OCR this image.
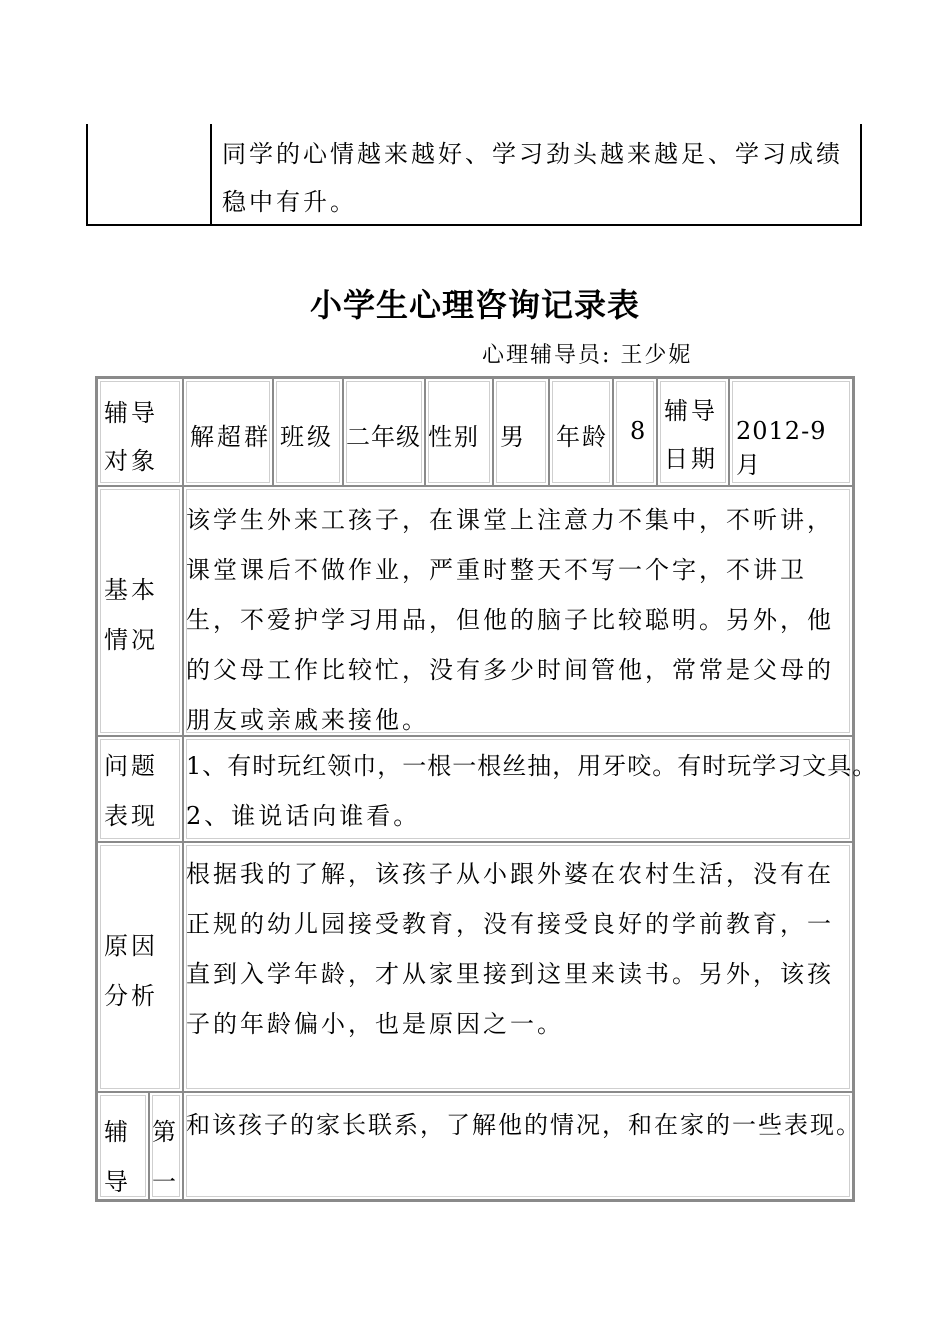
同学的心情越来越好、学习劲头越来越足、学习成绩稳中有升。
小学生心理咨询记录表
心理辅导员: 王少妮
辅导对象
解超群 班级 二年级 性别 男 年龄 8
辅导日期
2012-9 月
基本情况
该学生外来工孩子，在课堂上注意力不集中，不听讲，课堂课后不做作业，严重时整天不写一个字，不讲卫生，不爱护学习用品，但他的脑子比较聪明。另外，他的父母工作比较忙，没有多少时间管他，常常是父母的朋友或亲戚来接他。
问题表现
1、有时玩红领巾，一根一根丝抽，用牙咬。有时玩学习文具。
2、谁说话向谁看。
原因分析
根据我的了解，该孩子从小跟外婆在农村生活，没有在正规的幼儿园接受教育，没有接受良好的学前教育，一直到入学年龄，才从家里接到这里来读书。另外，该孩子的年龄偏小，也是原因之一。
辅导
第一
和该孩子的家长联系，了解他的情况，和在家的一些表现。
